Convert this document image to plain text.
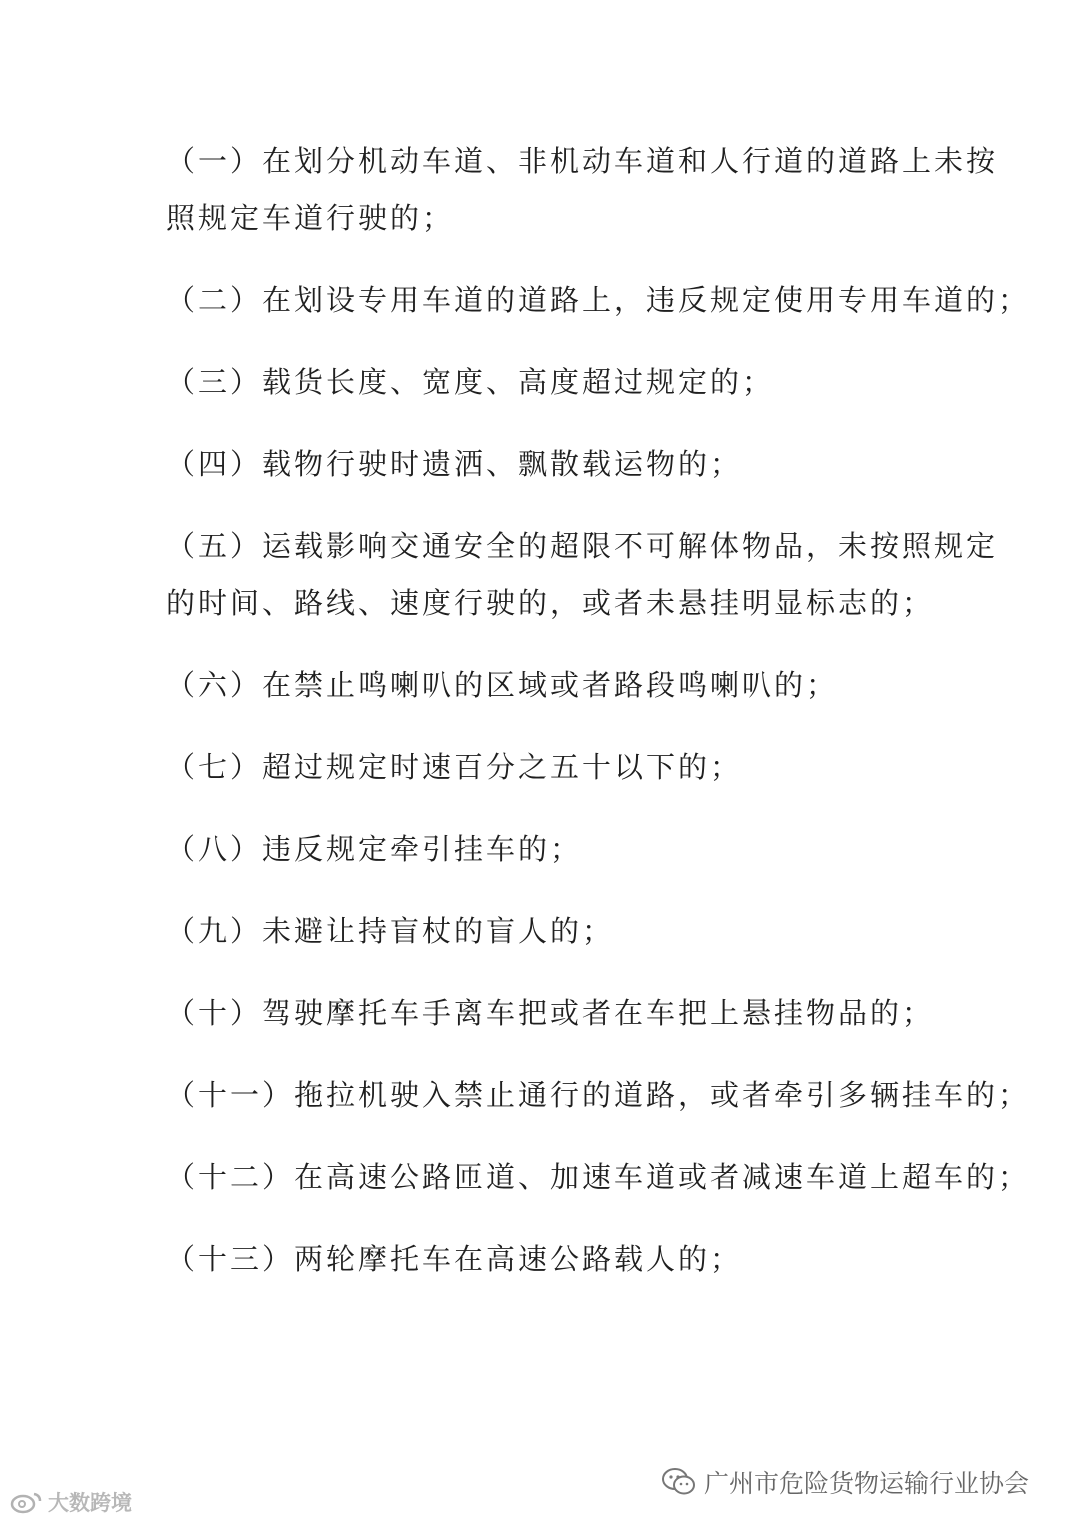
（一）在划分机动车道、非机动车道和人行道的道路上未按
照规定车道行驶的；
（二）在划设专用车道的道路上，违反规定使用专用车道的；
（三）载货长度、宽度、高度超过规定的；
（四）载物行驶时遗洒、飘散载运物的；
（五）运载影响交通安全的超限不可解体物品，未按照规定
的时间、路线、速度行驶的，或者未悬挂明显标志的；
（六）在禁止鸣喇叭的区域或者路段鸣喇叭的；
（七）超过规定时速百分之五十以下的；
（八）违反规定牵引挂车的；
（九）未避让持盲杖的盲人的；
（十）驾驶摩托车手离车把或者在车把上悬挂物品的；
（十一）拖拉机驶入禁止通行的道路，或者牵引多辆挂车的；
（十二）在高速公路匝道、加速车道或者减速车道上超车的；
（十三）两轮摩托车在高速公路载人的；
广州市危险货物运输行业协会
大数跨境
